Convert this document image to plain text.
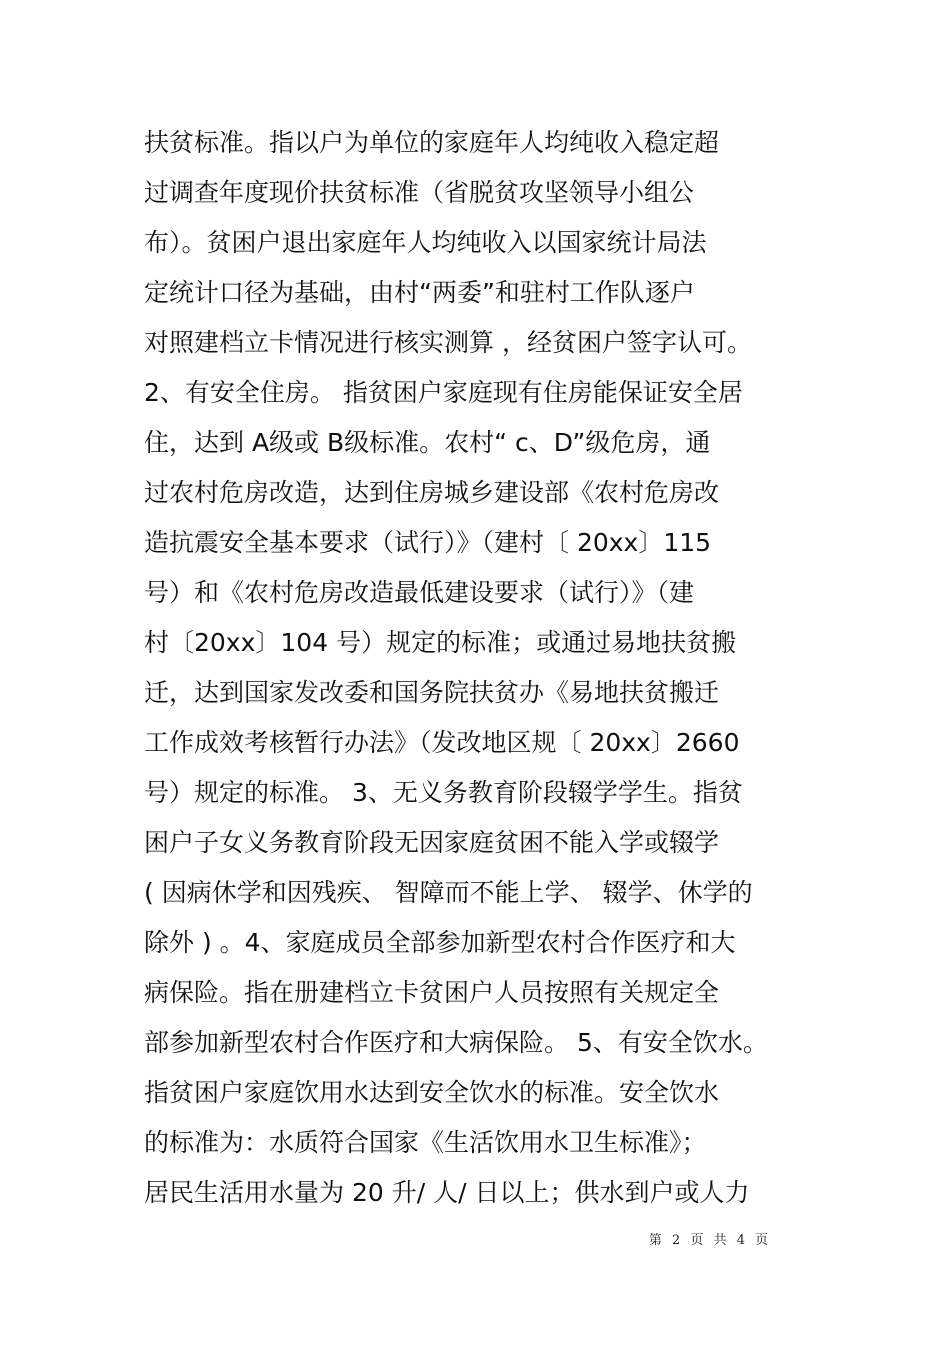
扶贫标准。指以户为单位的家庭年人均纯收入稳定超
过调查年度现价扶贫标准（省脱贫攻坚领导小组公
布）。贫困户退出家庭年人均纯收入以国家统计局法
定统计口径为基础，由村“两委”和驻村工作队逐户
对照建档立卡情况进行核实测算 ，经贫困户签字认可。
2、有安全住房。 指贫困户家庭现有住房能保证安全居
住，达到 A级或 B级标准。农村“ c、D”级危房，通
过农村危房改造，达到住房城乡建设部《农村危房改
造抗震安全基本要求（试行）》（建村〔 20xx〕115
号）和《农村危房改造最低建设要求（试行）》（建
村〔20xx〕104 号）规定的标准；或通过易地扶贫搬
迁，达到国家发改委和国务院扶贫办《易地扶贫搬迁
工作成效考核暂行办法》（发改地区规〔 20xx〕2660
号）规定的标准。 3、无义务教育阶段辍学学生。指贫
困户子女义务教育阶段无因家庭贫困不能入学或辍学
( 因病休学和因残疾、 智障而不能上学、 辍学、休学的
除外 ) 。4、家庭成员全部参加新型农村合作医疗和大
病保险。指在册建档立卡贫困户人员按照有关规定全
部参加新型农村合作医疗和大病保险。 5、有安全饮水。
指贫困户家庭饮用水达到安全饮水的标准。安全饮水
的标准为：水质符合国家《生活饮用水卫生标准》；
居民生活用水量为 20 升/ 人/ 日以上；供水到户或人力
第 2 页 共 4 页
